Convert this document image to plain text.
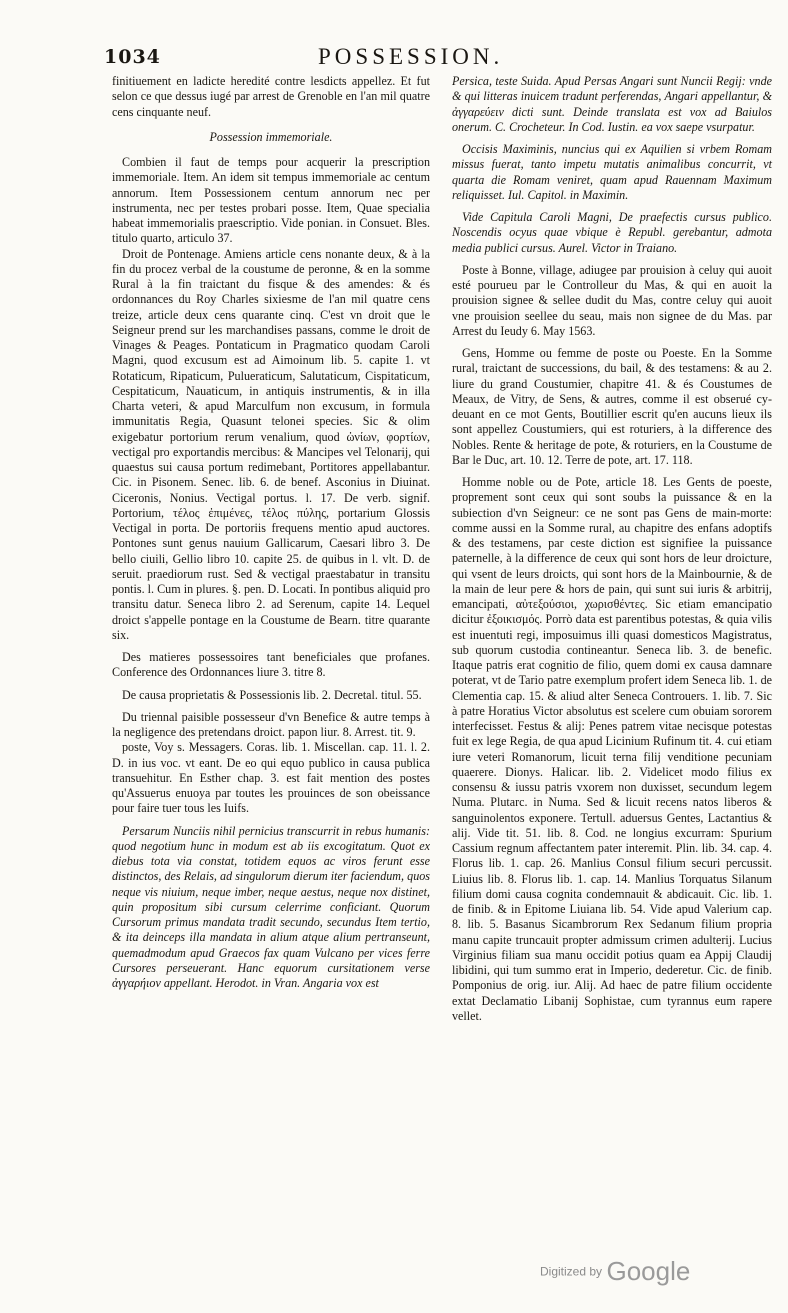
1034	POSSESSION.

finitiuement en ladicte heredité contre lesdicts appellez. Et fut selon ce que dessus iugé par arrest de Grenoble en l'an mil quatre cens cinquante neuf.

Possession immemoriale.

Combien il faut de temps pour acquerir la prescription immemoriale. Item. An idem sit tempus immemoriale ac centum annorum. Item Possessionem centum annorum nec per instrumenta, nec per testes probari posse. Item, Quae specialia habeat immemorialis praescriptio. Vide ponian. in Consuet. Bles. titulo quarto, articulo 37.

Droit de Pontenage. Amiens article cens nonante deux, & à la fin du procez verbal de la coustume de peronne, & en la somme Rural à la fin traictant du fisque & des amendes: & és ordonnances du Roy Charles sixiesme de l'an mil quatre cens treize, article deux cens quarante cinq. C'est vn droit que le Seigneur prend sur les marchandises passans, comme le droit de Vinages & Peages. Pontaticum in Pragmatico quodam Caroli Magni, quod excusum est ad Aimoinum lib. 5. capite 1. vt Rotaticum, Ripaticum, Pulueraticum, Salutaticum, Cispitaticum, Cespitaticum, Nauaticum, in antiquis instrumentis, & in illa Charta veteri, & apud Marculfum non excusum, in formula immunitatis Regia, Quasunt telonei species. Sic & olim exigebatur portorium rerum venalium, quod ὠνίων, φορτίων, vectigal pro exportandis mercibus: & Mancipes vel Telonarij, qui quaestus sui causa portum redimebant, Portitores appellabantur. Cic. in Pisonem. Senec. lib. 6. de benef. Asconius in Diuinat. Ciceronis, Nonius. Vectigal portus. l. 17. De verb. signif. Portorium, τέλος ἐπιμένες, τέλος πύλης, portarium Glossis Vectigal in porta. De portoriis frequens mentio apud auctores. Pontones sunt genus nauium Gallicarum, Caesari libro 3. De bello ciuili, Gellio libro 10. capite 25. de quibus in l. vlt. D. de seruit. praediorum rust. Sed & vectigal praestabatur in transitu pontis. l. Cum in plures. §. pen. D. Locati. In pontibus aliquid pro transitu datur. Seneca libro 2. ad Serenum, capite 14. Lequel droict s'appelle pontage en la Coustume de Bearn. titre quarante six.

Des matieres possessoires tant beneficiales que profanes. Conference des Ordonnances liure 3. titre 8.

De causa proprietatis & Possessionis lib. 2. Decretal. titul. 55.

Du triennal paisible possesseur d'vn Benefice & autre temps à la negligence des pretendans droict. papon liur. 8. Arrest. tit. 9.

poste, Voy s. Messagers. Coras. lib. 1. Miscellan. cap. 11. l. 2. D. in ius voc. vt eant. De eo qui equo publico in causa publica transuehitur. En Esther chap. 3. est fait mention des postes qu'Assuerus enuoya par toutes les prouinces de son obeissance pour faire tuer tous les Iuifs.

Persarum Nunciis nihil pernicius transcurrit in rebus humanis: quod negotium hunc in modum est ab iis excogitatum. Quot ex diebus tota via constat, totidem equos ac viros ferunt esse distinctos, des Relais, ad singulorum dierum iter faciendum, quos neque vis niuium, neque imber, neque aestus, neque nox distinet, quin propositum sibi cursum celerrime conficiant. Quorum Cursorum primus mandata tradit secundo, secundus Item tertio, & ita deinceps illa mandata in alium atque alium pertranseunt, quemadmodum apud Graecos fax quam Vulcano per vices ferre Cursores perseuerant. Hanc equorum cursitationem verse ἀγγαρήιον appellant. Herodot. in Vran. Angaria vox est

Persica, teste Suida. Apud Persas Angari sunt Nuncii Regij: vnde & qui litteras inuicem tradunt perferendas, Angari appellantur, & ἀγγαρεύειν dicti sunt. Deinde translata est vox ad Baiulos onerum. C. Crocheteur. In Cod. Iustin. ea vox saepe vsurpatur.

Occisis Maximinis, nuncius qui ex Aquilien si vrbem Romam missus fuerat, tanto impetu mutatis animalibus concurrit, vt quarta die Romam veniret, quam apud Rauennam Maximum reliquisset. Iul. Capitol. in Maximin.

Vide Capitula Caroli Magni, De praefectis cursus publico. Noscendis ocyus quae vbique è Republ. gerebantur, admota media publici cursus. Aurel. Victor in Traiano.

Poste à Bonne, village, adiugee par prouision à celuy qui auoit esté pourueu par le Controlleur du Mas, & qui en auoit la prouision signee & sellee dudit du Mas, contre celuy qui auoit vne prouision seellee du seau, mais non signee de du Mas. par Arrest du Ieudy 6. May 1563.

Gens, Homme ou femme de poste ou Poeste. En la Somme rural, traictant de successions, du bail, & des testamens: & au 2. liure du grand Coustumier, chapitre 41. & és Coustumes de Meaux, de Vitry, de Sens, & autres, comme il est obserué cy-deuant en ce mot Gents, Boutillier escrit qu'en aucuns lieux ils sont appellez Coustumiers, qui est roturiers, à la difference des Nobles. Rente & heritage de pote, & roturiers, en la Coustume de Bar le Duc, art. 10. 12. Terre de pote, art. 17. 118.

Homme noble ou de Pote, article 18. Les Gents de poeste, proprement sont ceux qui sont soubs la puissance & en la subiection d'vn Seigneur: ce ne sont pas Gens de main-morte: comme aussi en la Somme rural, au chapitre des enfans adoptifs & des testamens, par ceste diction est signifiee la puissance paternelle, à la difference de ceux qui sont hors de leur droicture, qui vsent de leurs droicts, qui sont hors de la Mainbournie, & de la main de leur pere & hors de pain, qui sunt sui iuris & arbitrij, emancipati, αὐτεξούσιοι, χωρισθέντες. Sic etiam emancipatio dicitur ἐξοικισμός. Porrò data est parentibus potestas, & quia vilis est inuentuti regi, imposuimus illi quasi domesticos Magistratus, sub quorum custodia contineantur. Seneca lib. 3. de benefic. Itaque patris erat cognitio de filio, quem domi ex causa damnare poterat, vt de Tario patre exemplum profert idem Seneca lib. 1. de Clementia cap. 15. & aliud alter Seneca Controuers. 1. lib. 7. Sic à patre Horatius Victor absolutus est scelere cum obuiam sororem interfecisset. Festus & alij: Penes patrem vitae necisque potestas fuit ex lege Regia, de qua apud Licinium Rufinum tit. 4. cui etiam iure veteri Romanorum, licuit terna filij venditione pecuniam quaerere. Dionys. Halicar. lib. 2. Videlicet modo filius ex consensu & iussu patris vxorem non duxisset, secundum legem Numa. Plutarc. in Numa. Sed & licuit recens natos liberos & sanguinolentos exponere. Tertull. aduersus Gentes, Lactantius & alij. Vide tit. 51. lib. 8. Cod. ne longius excurram: Spurium Cassium regnum affectantem pater interemit. Plin. lib. 34. cap. 4. Florus lib. 1. cap. 26. Manlius Consul filium securi percussit. Liuius lib. 8. Florus lib. 1. cap. 14. Manlius Torquatus Silanum filium domi causa cognita condemnauit & abdicauit. Cic. lib. 1. de finib. & in Epitome Liuiana lib. 54. Vide apud Valerium cap. 8. lib. 5. Basanus Sicambrorum Rex Sedanum filium propria manu capite truncauit propter admissum crimen adulterij. Lucius Virginius filiam sua manu occidit potius quam ea Appij Claudij libidini, qui tum summo erat in Imperio, dederetur. Cic. de finib. Pomponius de orig. iur. Alij. Ad haec de patre filium occidente extat Declamatio Libanij Sophistae, cum tyrannus eum rapere vellet.

Digitized by Google
